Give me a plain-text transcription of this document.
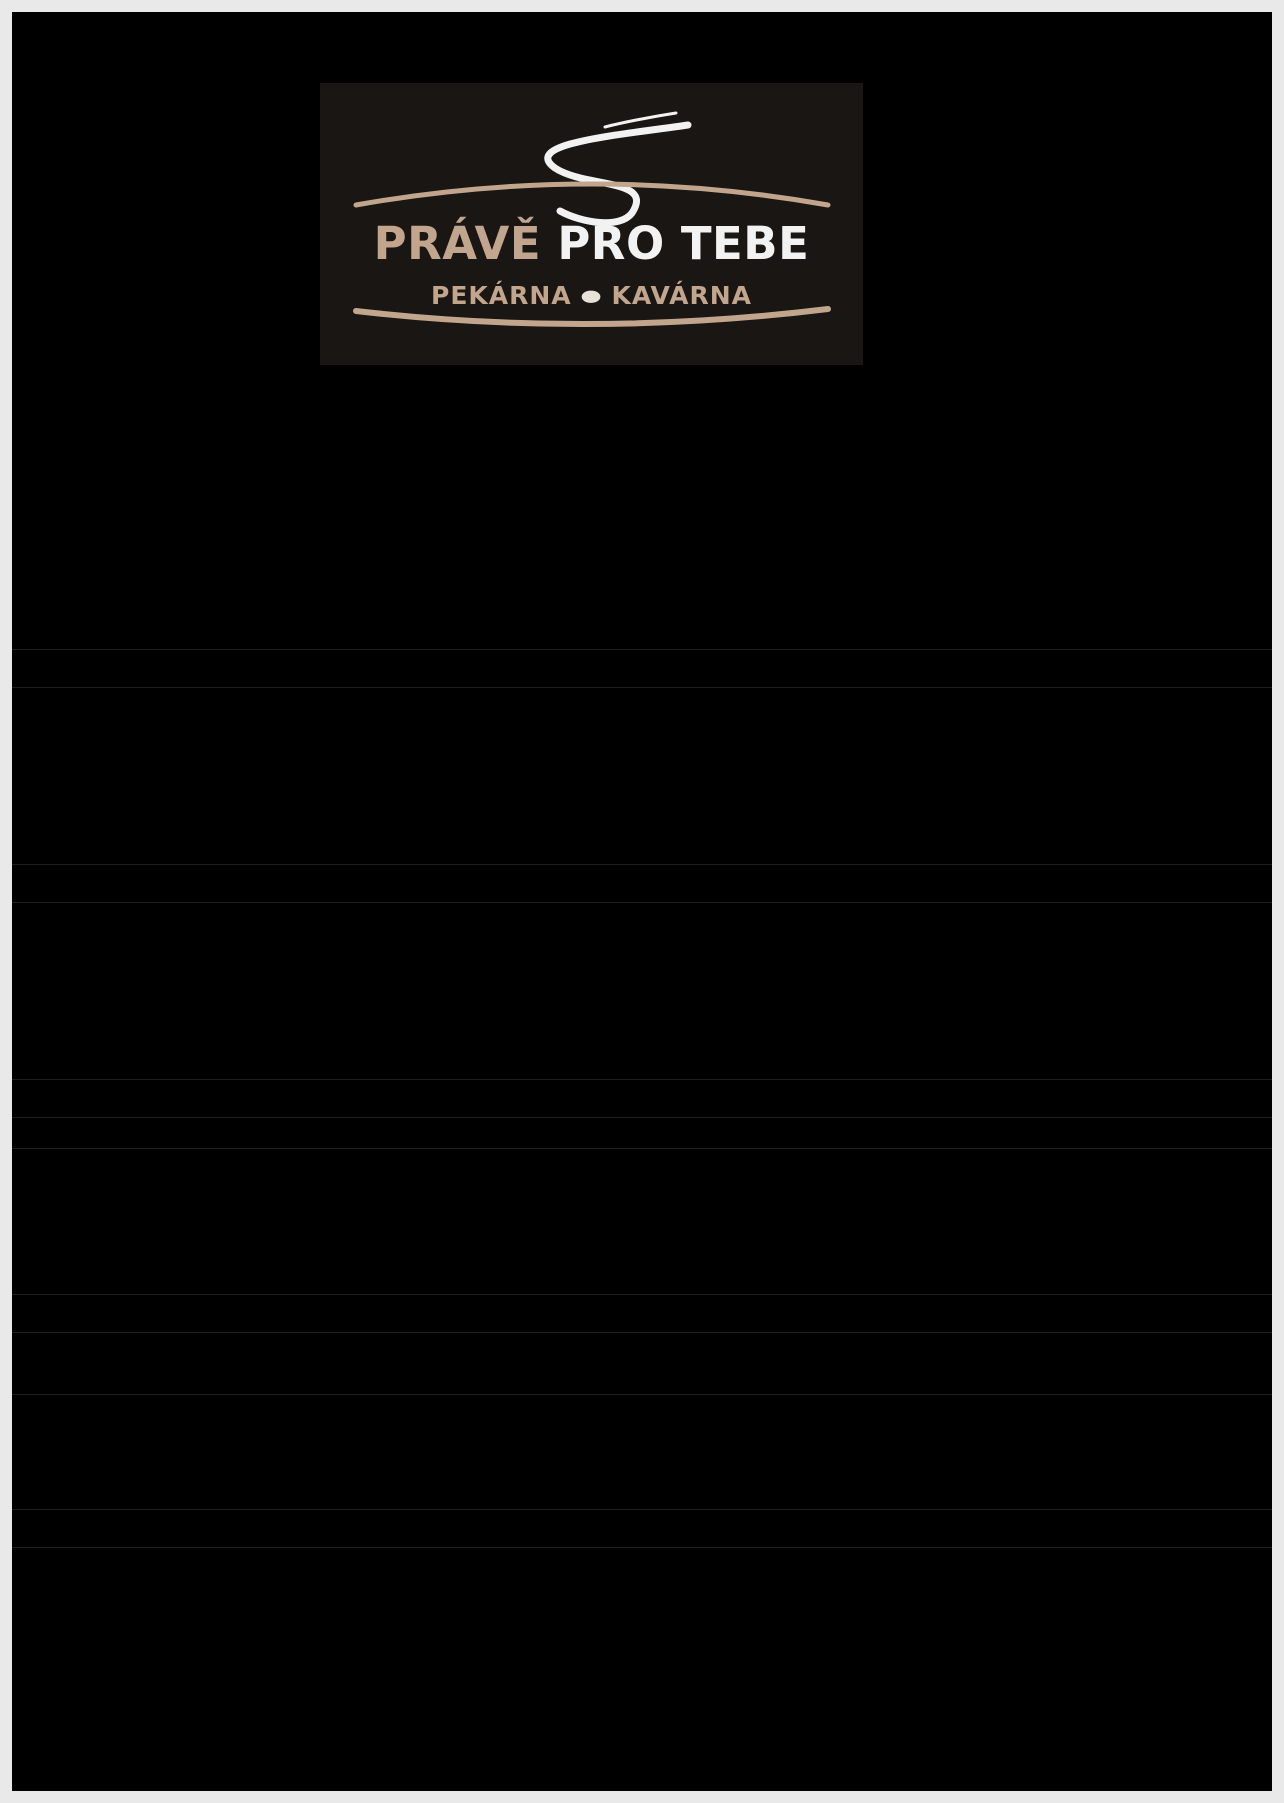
PRÁVĚ PRO TEBE
PEKÁRNA ⬬ KAVÁRNA
OBĚDOVÉ MENU
PEKÁRNA - KAVÁRNA "PRÁVĚ PRO TEBE", OKRUŽNÍ 385, FRÝDLANT
20. 2. 2023  -  24. 2. 2023
Pondělí  20. 2. 2023
Polévka:	Gulášová polévka	35,-
Hlavní jídlo:	Kuřecí řízek s bramborovým salátem	125,-
Lasagne bolognes	125,-
Úterý   21. 2. 2023
Polévka:	Čočková polévka s uzeninou	35,-
Hlavní jídlo:	Kuřecí řezanka s rýží	125,-
Smažený květák s bramborami (tatarská omáčka)	125,-
Středa   22. 2. 2023
Polévka:	Frankfurtská polévka s bramborem a párkem	35,-
Hlavní jídlo:	Rajská omáčka s masem (HK, těstoviny)	125,-
Bramborové šišky s mákem	125,-
Čtvrtek   23. 2. 2023
Polévka:	Kulajda	35,-
Hlavní jídlo:	Holandský řízek s bramborami (tatarská omáčka)	125,-
Moravský vrabec s bramborovým knedlíkem a zelím	125,-
Pátek   24. 2. 2023
Polévka:	Dršťková polévka	35,-
Hlavní jídlo:	Karbanátek s bramborami (tatarská omáčka)	125,-
Vepřové na žampionech s jasmínovou rýží	125,-
